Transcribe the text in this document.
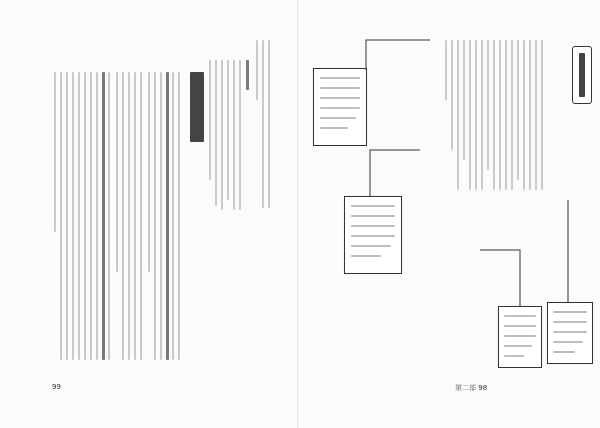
99	第二部 98
